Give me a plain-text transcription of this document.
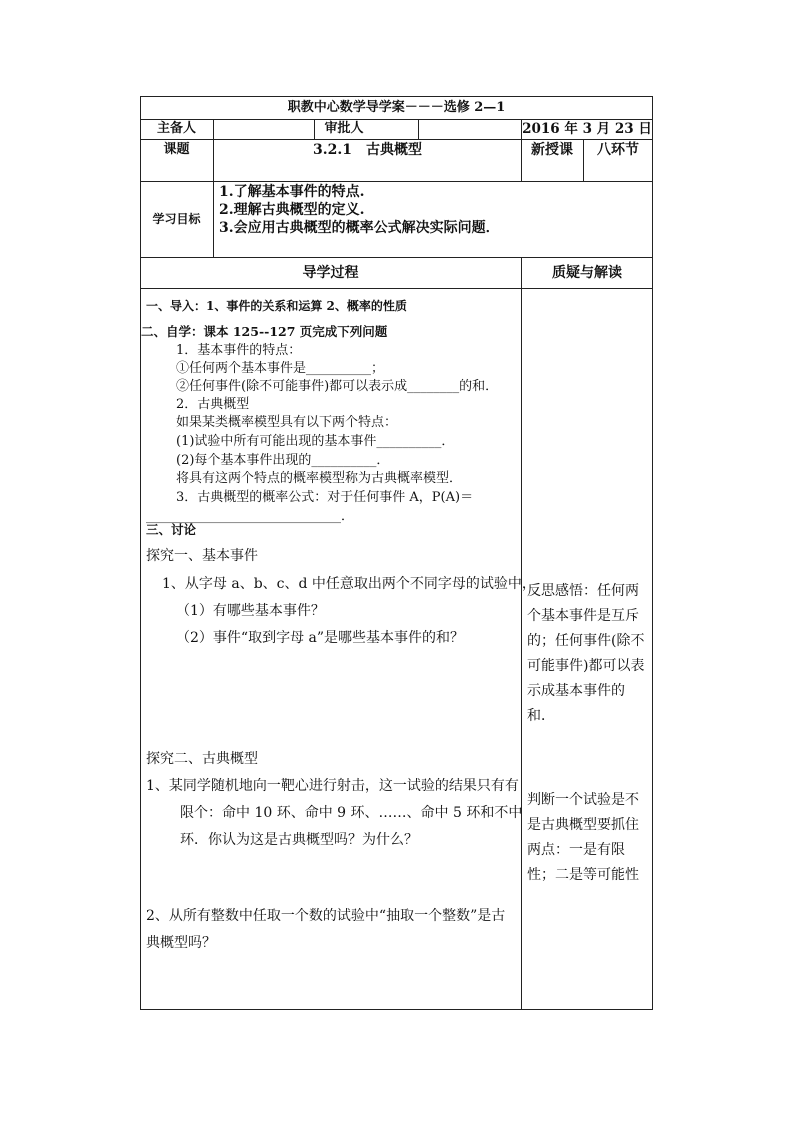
职教中心数学导学案－－－选修 2—1
主备人	审批人	2016 年 3 月 23 日
课题	3.2.1　古典概型	新授课	八环节
学习目标
1.了解基本事件的特点.
2.理解古典概型的定义.
3.会应用古典概型的概率公式解决实际问题．
导学过程	质疑与解读
一、导入：1、事件的关系和运算 2、概率的性质
二、自学：课本 125--127 页完成下列问题
1．基本事件的特点：
①任何两个基本事件是__________；
②任何事件(除不可能事件)都可以表示成________的和．
2．古典概型
如果某类概率模型具有以下两个特点：
(1)试验中所有可能出现的基本事件__________．
(2)每个基本事件出现的__________．
将具有这两个特点的概率模型称为古典概率模型．
3．古典概型的概率公式：对于任何事件 A，P(A)＝
______________________________．
三、讨论
探究一、基本事件
1、从字母 a、b、c、d 中任意取出两个不同字母的试验中，
（1）有哪些基本事件？
（2）事件“取到字母 a”是哪些基本事件的和？
探究二、古典概型
1、某同学随机地向一靶心进行射击，这一试验的结果只有有
限个：命中 10 环、命中 9 环、……、命中 5 环和不中
环．你认为这是古典概型吗？为什么？
2、从所有整数中任取一个数的试验中“抽取一个整数”是古
典概型吗？
反思感悟：任何两个基本事件是互斥的；任何事件(除不可能事件)都可以表示成基本事件的和．
判断一个试验是不是古典概型要抓住两点：一是有限性；二是等可能性
